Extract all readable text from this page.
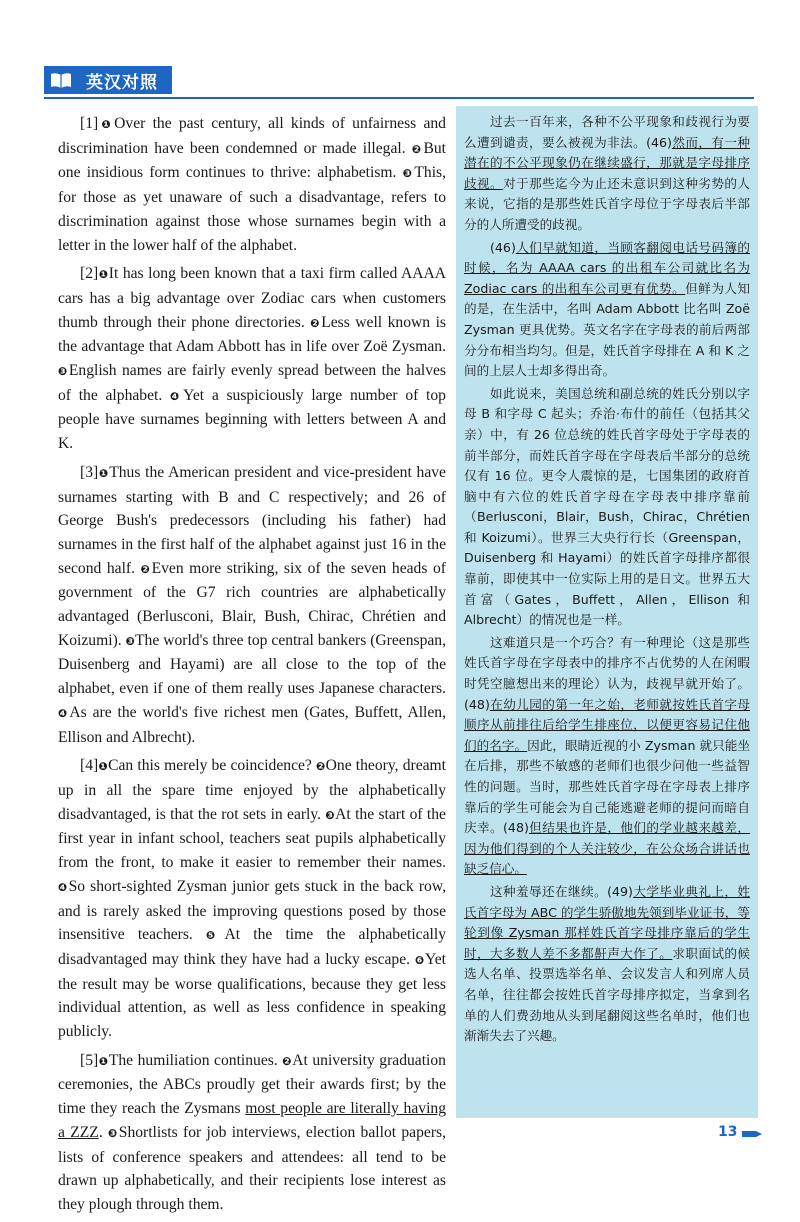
英汉对照

[1]❶Over the past century, all kinds of unfairness and discrimination have been condemned or made illegal. ❷But one insidious form continues to thrive: alphabetism. ❸This, for those as yet unaware of such a disadvantage, refers to discrimination against those whose surnames begin with a letter in the lower half of the alphabet.

[2]❶It has long been known that a taxi firm called AAAA cars has a big advantage over Zodiac cars when customers thumb through their phone directories. ❷Less well known is the advantage that Adam Abbott has in life over Zoë Zysman. ❸English names are fairly evenly spread between the halves of the alphabet. ❹Yet a suspiciously large number of top people have surnames beginning with letters between A and K.

[3]❶Thus the American president and vice-president have surnames starting with B and C respectively; and 26 of George Bush's predecessors (including his father) had surnames in the first half of the alphabet against just 16 in the second half. ❷Even more striking, six of the seven heads of government of the G7 rich countries are alphabetically advantaged (Berlusconi, Blair, Bush, Chirac, Chrétien and Koizumi). ❸The world's three top central bankers (Greenspan, Duisenberg and Hayami) are all close to the top of the alphabet, even if one of them really uses Japanese characters. ❹As are the world's five richest men (Gates, Buffett, Allen, Ellison and Albrecht).

[4]❶Can this merely be coincidence? ❷One theory, dreamt up in all the spare time enjoyed by the alphabetically disadvantaged, is that the rot sets in early. ❸At the start of the first year in infant school, teachers seat pupils alphabetically from the front, to make it easier to remember their names. ❹So short-sighted Zysman junior gets stuck in the back row, and is rarely asked the improving questions posed by those insensitive teachers. ❺At the time the alphabetically disadvantaged may think they have had a lucky escape. ❻Yet the result may be worse qualifications, because they get less individual attention, as well as less confidence in speaking publicly.

[5]❶The humiliation continues. ❷At university graduation ceremonies, the ABCs proudly get their awards first; by the time they reach the Zysmans most people are literally having a ZZZ. ❸Shortlists for job interviews, election ballot papers, lists of conference speakers and attendees: all tend to be drawn up alphabetically, and their recipients lose interest as they plough through them.

过去一百年来，各种不公平现象和歧视行为要么遭到谴责，要么被视为非法。(46)然而，有一种潜在的不公平现象仍在继续盛行，那就是字母排序歧视。对于那些迄今为止还未意识到这种劣势的人来说，它指的是那些姓氏首字母位于字母表后半部分的人所遭受的歧视。

(46)人们早就知道，当顾客翻阅电话号码簿的时候，名为 AAAA cars 的出租车公司就比名为 Zodiac cars 的出租车公司更有优势。但鲜为人知的是，在生活中，名叫 Adam Abbott 比名叫 Zoë Zysman 更具优势。英文名字在字母表的前后两部分分布相当均匀。但是，姓氏首字母排在 A 和 K 之间的上层人士却多得出奇。

如此说来，美国总统和副总统的姓氏分别以字母 B 和字母 C 起头；乔治·布什的前任（包括其父亲）中，有 26 位总统的姓氏首字母处于字母表的前半部分，而姓氏首字母在字母表后半部分的总统仅有 16 位。更令人震惊的是，七国集团的政府首脑中有六位的姓氏首字母在字母表中排序靠前（Berlusconi，Blair，Bush，Chirac，Chrétien 和 Koizumi）。世界三大央行行长（Greenspan，Duisenberg 和 Hayami）的姓氏首字母排序都很靠前，即使其中一位实际上用的是日文。世界五大首富（Gates，Buffett，Allen，Ellison 和 Albrecht）的情况也是一样。

这难道只是一个巧合？有一种理论（这是那些姓氏首字母在字母表中的排序不占优势的人在闲暇时凭空臆想出来的理论）认为，歧视早就开始了。(48)在幼儿园的第一年之始，老师就按姓氏首字母顺序从前排往后给学生排座位，以便更容易记住他们的名字。因此，眼睛近视的小 Zysman 就只能坐在后排，那些不敏感的老师们也很少问他一些益智性的问题。当时，那些姓氏首字母在字母表上排序靠后的学生可能会为自己能逃避老师的提问而暗自庆幸。(48)但结果也许是，他们的学业越来越差，因为他们得到的个人关注较少，在公众场合讲话也缺乏信心。

这种羞辱还在继续。(49)大学毕业典礼上，姓氏首字母为 ABC 的学生骄傲地先领到毕业证书，等轮到像 Zysman 那样姓氏首字母排序靠后的学生时，大多数人差不多都鼾声大作了。求职面试的候选人名单、投票选举名单、会议发言人和列席人员名单，往往都会按姓氏首字母排序拟定，当拿到名单的人们费劲地从头到尾翻阅这些名单时，他们也渐渐失去了兴趣。

13
